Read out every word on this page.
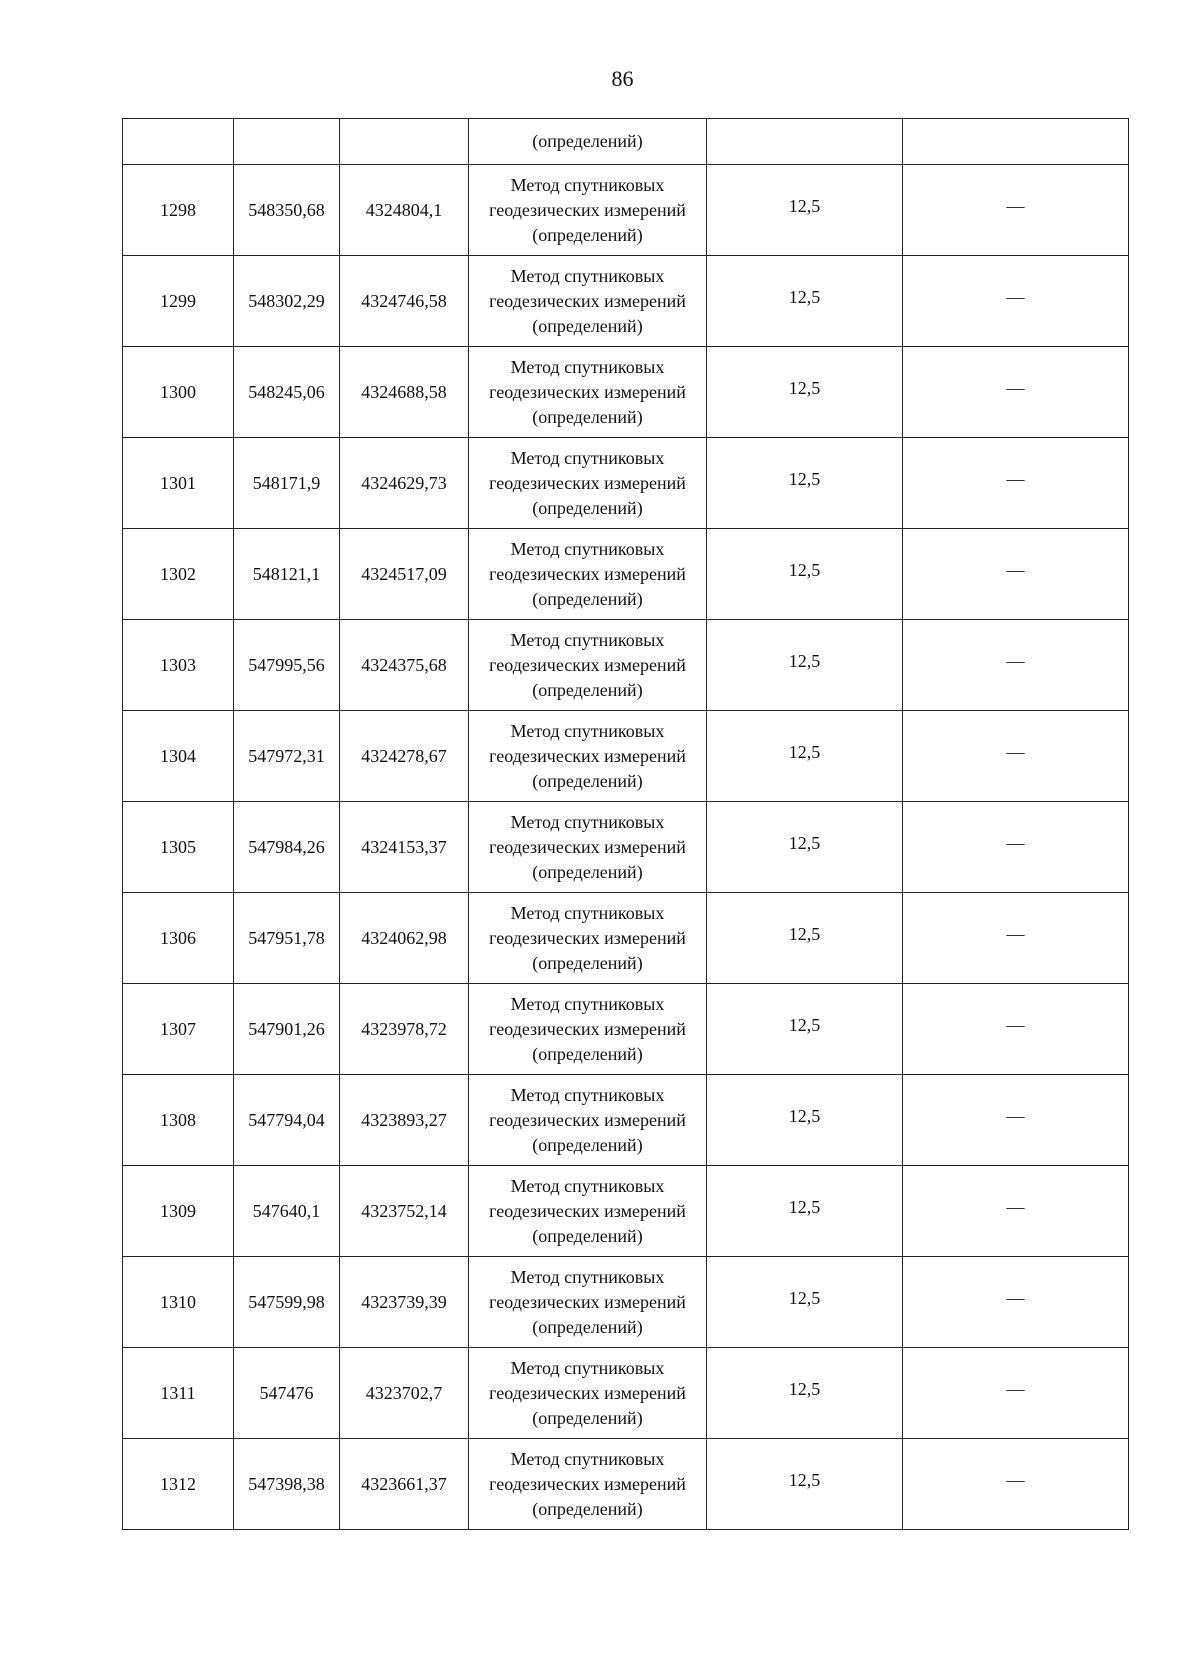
86

			(определений)		

1298	548350,68	4324804,1	Метод спутниковых
геодезических измерений
(определений)	12,5	—
1299	548302,29	4324746,58	Метод спутниковых
геодезических измерений
(определений)	12,5	—
1300	548245,06	4324688,58	Метод спутниковых
геодезических измерений
(определений)	12,5	—
1301	548171,9	4324629,73	Метод спутниковых
геодезических измерений
(определений)	12,5	—
1302	548121,1	4324517,09	Метод спутниковых
геодезических измерений
(определений)	12,5	—
1303	547995,56	4324375,68	Метод спутниковых
геодезических измерений
(определений)	12,5	—
1304	547972,31	4324278,67	Метод спутниковых
геодезических измерений
(определений)	12,5	—
1305	547984,26	4324153,37	Метод спутниковых
геодезических измерений
(определений)	12,5	—
1306	547951,78	4324062,98	Метод спутниковых
геодезических измерений
(определений)	12,5	—
1307	547901,26	4323978,72	Метод спутниковых
геодезических измерений
(определений)	12,5	—
1308	547794,04	4323893,27	Метод спутниковых
геодезических измерений
(определений)	12,5	—
1309	547640,1	4323752,14	Метод спутниковых
геодезических измерений
(определений)	12,5	—
1310	547599,98	4323739,39	Метод спутниковых
геодезических измерений
(определений)	12,5	—
1311	547476	4323702,7	Метод спутниковых
геодезических измерений
(определений)	12,5	—
1312	547398,38	4323661,37	Метод спутниковых
геодезических измерений
(определений)	12,5	—
